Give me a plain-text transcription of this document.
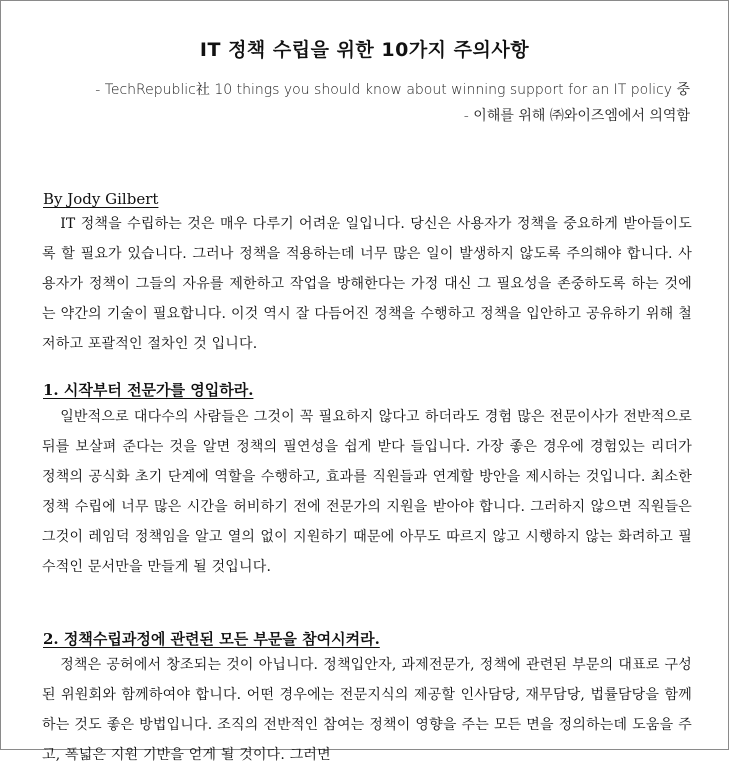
IT 정책 수립을 위한 10가지 주의사항
- TechRepublic社 10 things you should know about winning support for an IT policy 중
- 이해를 위해 ㈜와이즈엠에서 의역함
By Jody Gilbert
IT 정책을 수립하는 것은 매우 다루기 어려운 일입니다. 당신은 사용자가 정책을 중요하게 받아들이도록 할 필요가 있습니다. 그러나 정책을 적용하는데 너무 많은 일이 발생하지 않도록 주의해야 합니다. 사용자가 정책이 그들의 자유를 제한하고 작업을 방해한다는 가정 대신 그 필요성을 존중하도록 하는 것에는 약간의 기술이 필요합니다. 이것 역시 잘 다듬어진 정책을 수행하고 정책을 입안하고 공유하기 위해 철저하고 포괄적인 절차인 것 입니다.
1. 시작부터 전문가를 영입하라.
일반적으로 대다수의 사람들은 그것이 꼭 필요하지 않다고 하더라도 경험 많은 전문이사가 전반적으로 뒤를 보살펴 준다는 것을 알면 정책의 필연성을 쉽게 받다 들입니다. 가장 좋은 경우에 경험있는 리더가 정책의 공식화 초기 단계에 역할을 수행하고, 효과를 직원들과 연계할 방안을 제시하는 것입니다. 최소한 정책 수립에 너무 많은 시간을 허비하기 전에 전문가의 지원을 받아야 합니다. 그러하지 않으면 직원들은 그것이 레임덕 정책임을 알고 열의 없이 지원하기 때문에 아무도 따르지 않고 시행하지 않는 화려하고 필수적인 문서만을 만들게 될 것입니다.
2. 정책수립과정에 관련된 모든 부문을 참여시켜라.
정책은 공허에서 창조되는 것이 아닙니다. 정책입안자, 과제전문가, 정책에 관련된 부문의 대표로 구성된 위원회와 함께하여야 합니다. 어떤 경우에는 전문지식의 제공할 인사담당, 재무담당, 법률담당을 함께하는 것도 좋은 방법입니다. 조직의 전반적인 참여는 정책이 영향을 주는 모든 면을 정의하는데 도움을 주고, 폭넓은 지원 기반을 얻게 될 것이다. 그러면
